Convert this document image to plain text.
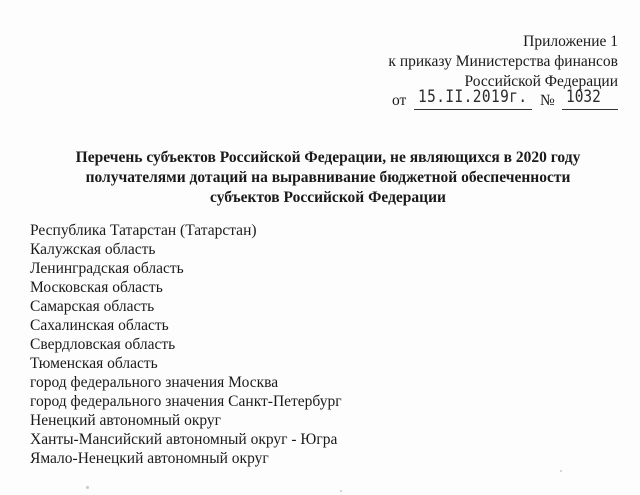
Приложение 1
к приказу Министерства финансов
Российской Федерации
от 15.II.2019г. № 1032
Перечень субъектов Российской Федерации, не являющихся в 2020 году
получателями дотаций на выравнивание бюджетной обеспеченности
субъектов Российской Федерации
Республика Татарстан (Татарстан)
Калужская область
Ленинградская область
Московская область
Самарская область
Сахалинская область
Свердловская область
Тюменская область
город федерального значения Москва
город федерального значения Санкт-Петербург
Ненецкий автономный округ
Ханты-Мансийский автономный округ - Югра
Ямало-Ненецкий автономный округ
